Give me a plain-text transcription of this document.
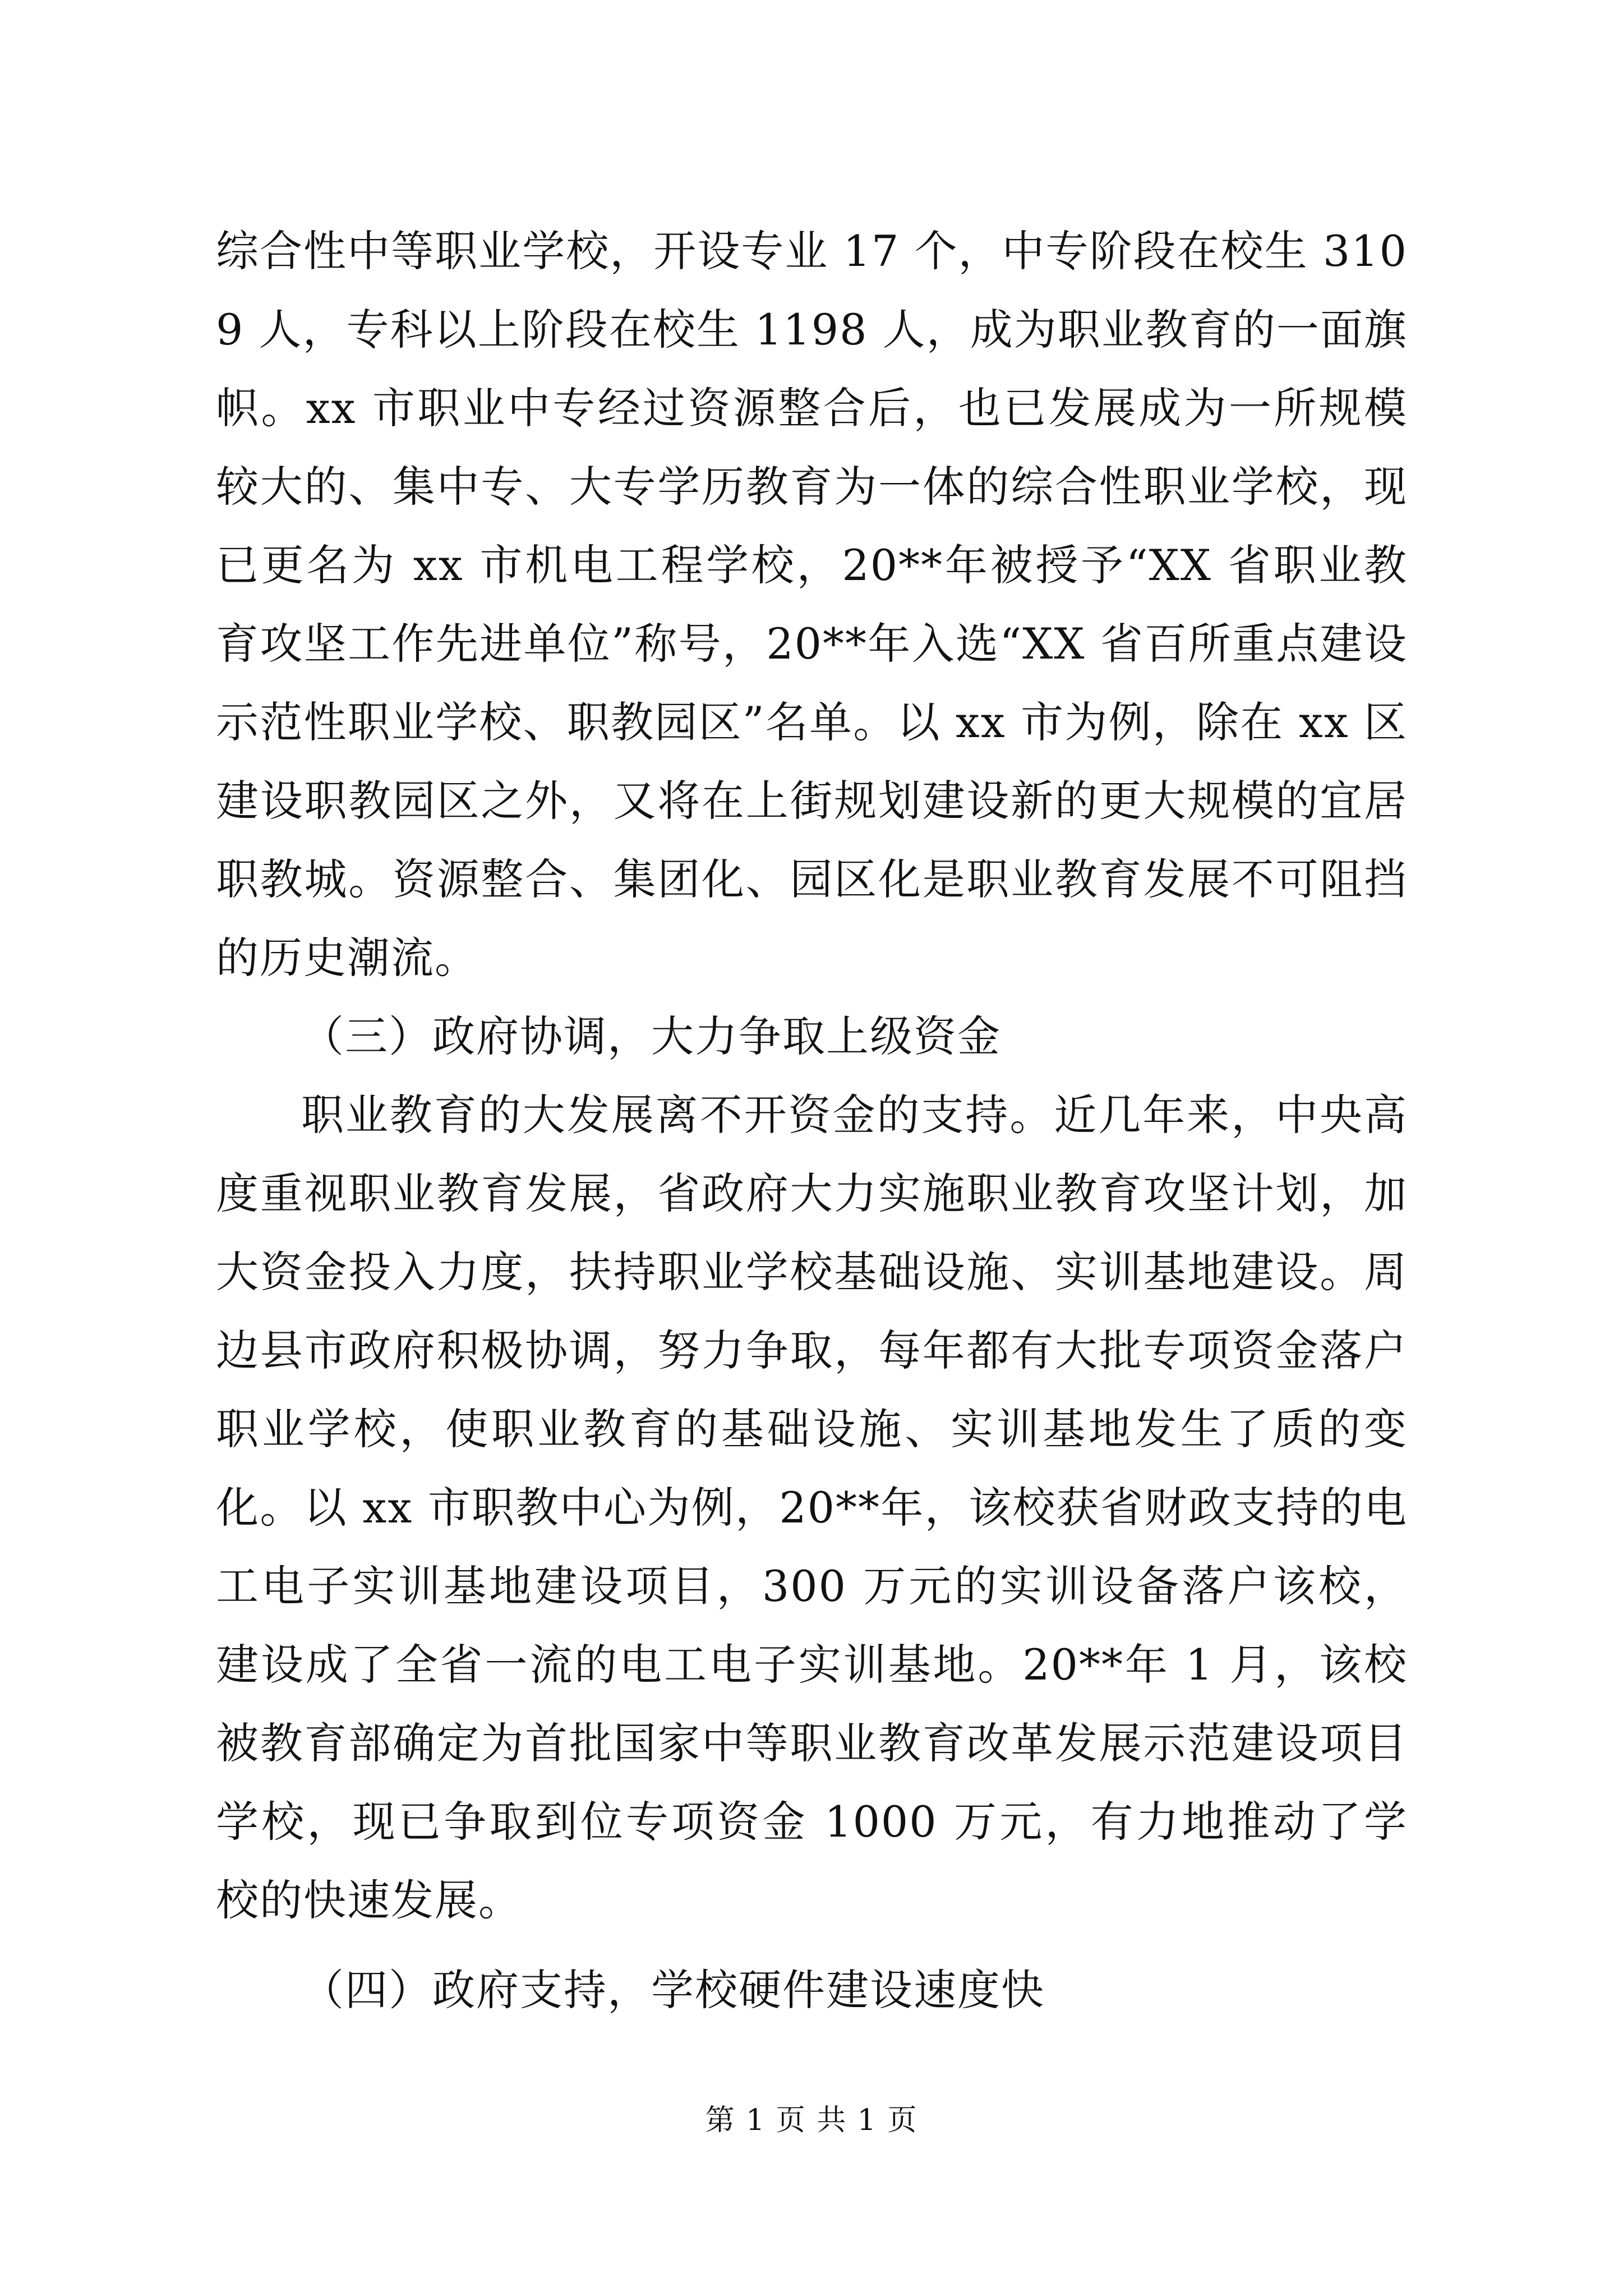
综合性中等职业学校，开设专业 17 个，中专阶段在校生 3109 人，专科以上阶段在校生 1198 人，成为职业教育的一面旗帜。xx 市职业中专经过资源整合后，也已发展成为一所规模较大的、集中专、大专学历教育为一体的综合性职业学校，现已更名为 xx 市机电工程学校，20**年被授予“XX 省职业教育攻坚工作先进单位”称号，20**年入选“XX 省百所重点建设示范性职业学校、职教园区”名单。以 xx 市为例，除在 xx 区建设职教园区之外，又将在上街规划建设新的更大规模的宜居职教城。资源整合、集团化、园区化是职业教育发展不可阻挡的历史潮流。

（三）政府协调，大力争取上级资金

职业教育的大发展离不开资金的支持。近几年来，中央高度重视职业教育发展，省政府大力实施职业教育攻坚计划，加大资金投入力度，扶持职业学校基础设施、实训基地建设。周边县市政府积极协调，努力争取，每年都有大批专项资金落户职业学校，使职业教育的基础设施、实训基地发生了质的变化。以 xx 市职教中心为例，20**年，该校获省财政支持的电工电子实训基地建设项目，300 万元的实训设备落户该校，建设成了全省一流的电工电子实训基地。20**年 1 月，该校被教育部确定为首批国家中等职业教育改革发展示范建设项目学校，现已争取到位专项资金 1000 万元，有力地推动了学校的快速发展。

（四）政府支持，学校硬件建设速度快

第 1 页 共 1 页
